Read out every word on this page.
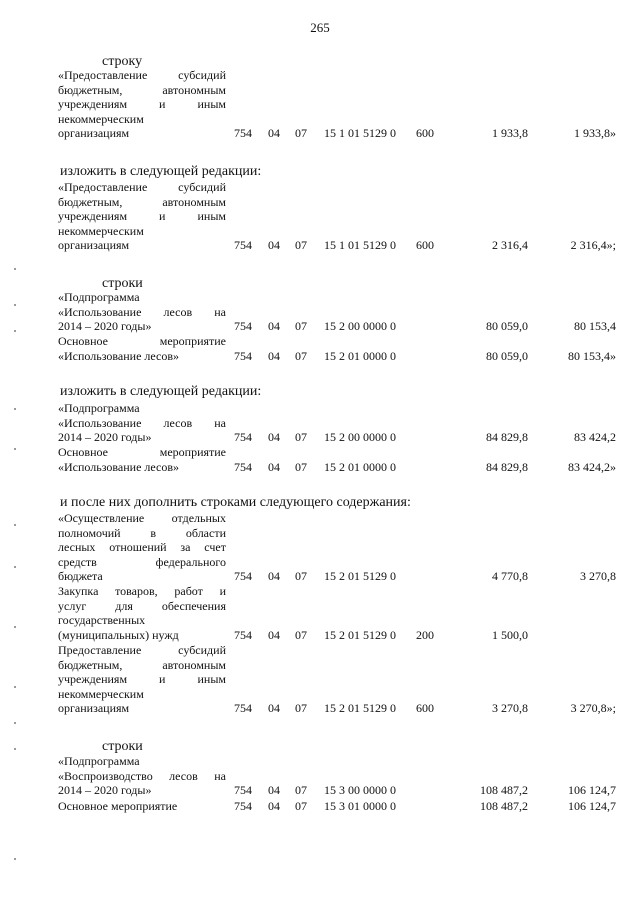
265
строку
«Предоставление субсидий
бюджетным, автономным
учреждениям и иным
некоммерческим
организациям	754 04 07 15 1 01 5129 0 600	1 933,8	1 933,8»
изложить в следующей редакции:
«Предоставление субсидий
бюджетным, автономным
учреждениям и иным
некоммерческим
организациям	754 04 07 15 1 01 5129 0 600	2 316,4	2 316,4»;
строки
«Подпрограмма
«Использование лесов на
2014 – 2020 годы»	754 04 07 15 2 00 0000 0	80 059,0	80 153,4
Основное мероприятие
«Использование лесов»	754 04 07 15 2 01 0000 0	80 059,0	80 153,4»
изложить в следующей редакции:
«Подпрограмма
«Использование лесов на
2014 – 2020 годы»	754 04 07 15 2 00 0000 0	84 829,8	83 424,2
Основное мероприятие
«Использование лесов»	754 04 07 15 2 01 0000 0	84 829,8	83 424,2»
и после них дополнить строками следующего содержания:
«Осуществление отдельных
полномочий в области
лесных отношений за счет
средств федерального
бюджета	754 04 07 15 2 01 5129 0	4 770,8	3 270,8
Закупка товаров, работ и
услуг для обеспечения
государственных
(муниципальных) нужд	754 04 07 15 2 01 5129 0 200	1 500,0
Предоставление субсидий
бюджетным, автономным
учреждениям и иным
некоммерческим
организациям	754 04 07 15 2 01 5129 0 600	3 270,8	3 270,8»;
строки
«Подпрограмма
«Воспроизводство лесов на
2014 – 2020 годы»	754 04 07 15 3 00 0000 0	108 487,2	106 124,7
Основное мероприятие	754 04 07 15 3 01 0000 0	108 487,2	106 124,7
